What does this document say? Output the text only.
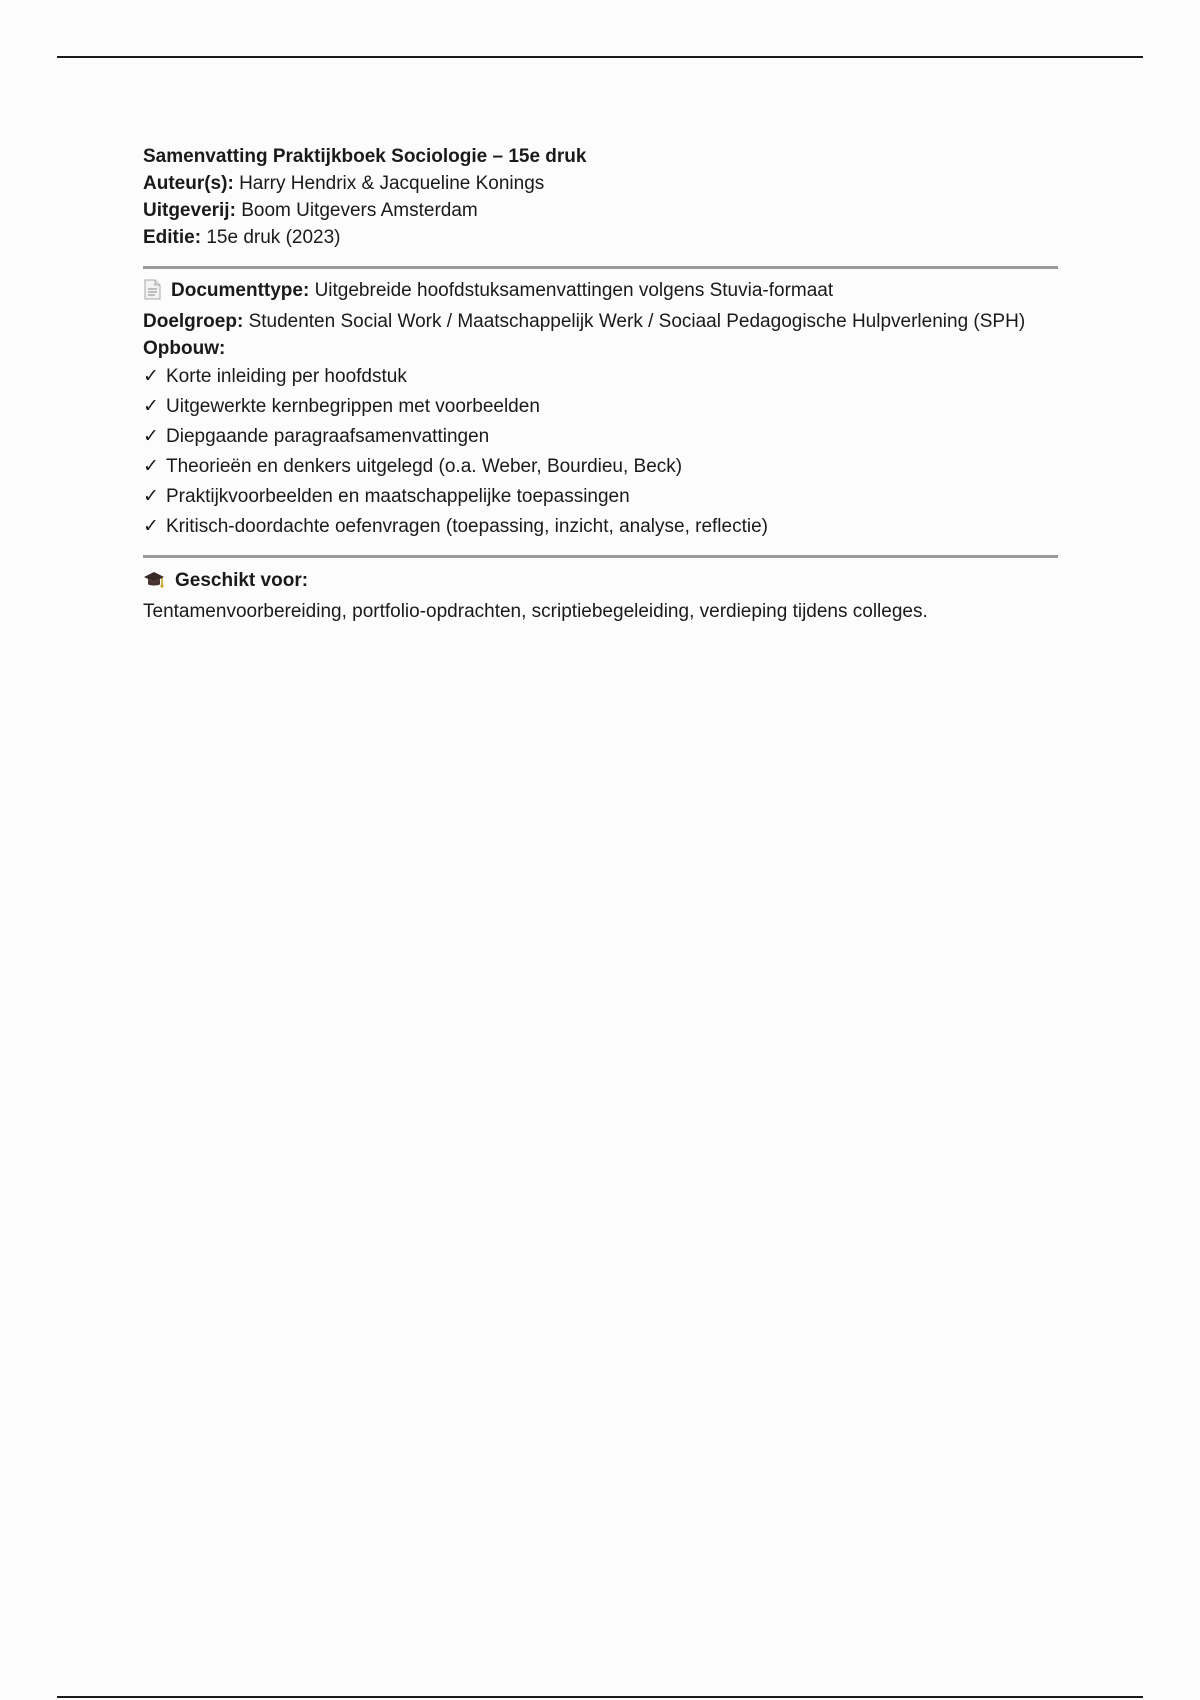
Samenvatting Praktijkboek Sociologie – 15e druk
Auteur(s): Harry Hendrix & Jacqueline Konings
Uitgeverij: Boom Uitgevers Amsterdam
Editie: 15e druk (2023)
Documenttype: Uitgebreide hoofdstuksamenvattingen volgens Stuvia-formaat
Doelgroep: Studenten Social Work / Maatschappelijk Werk / Sociaal Pedagogische Hulpverlening (SPH)
Opbouw:
✓ Korte inleiding per hoofdstuk
✓ Uitgewerkte kernbegrippen met voorbeelden
✓ Diepgaande paragraafsamenvattingen
✓ Theorieën en denkers uitgelegd (o.a. Weber, Bourdieu, Beck)
✓ Praktijkvoorbeelden en maatschappelijke toepassingen
✓ Kritisch-doordachte oefenvragen (toepassing, inzicht, analyse, reflectie)
Geschikt voor:
Tentamenvoorbereiding, portfolio-opdrachten, scriptiebegeleiding, verdieping tijdens colleges.
